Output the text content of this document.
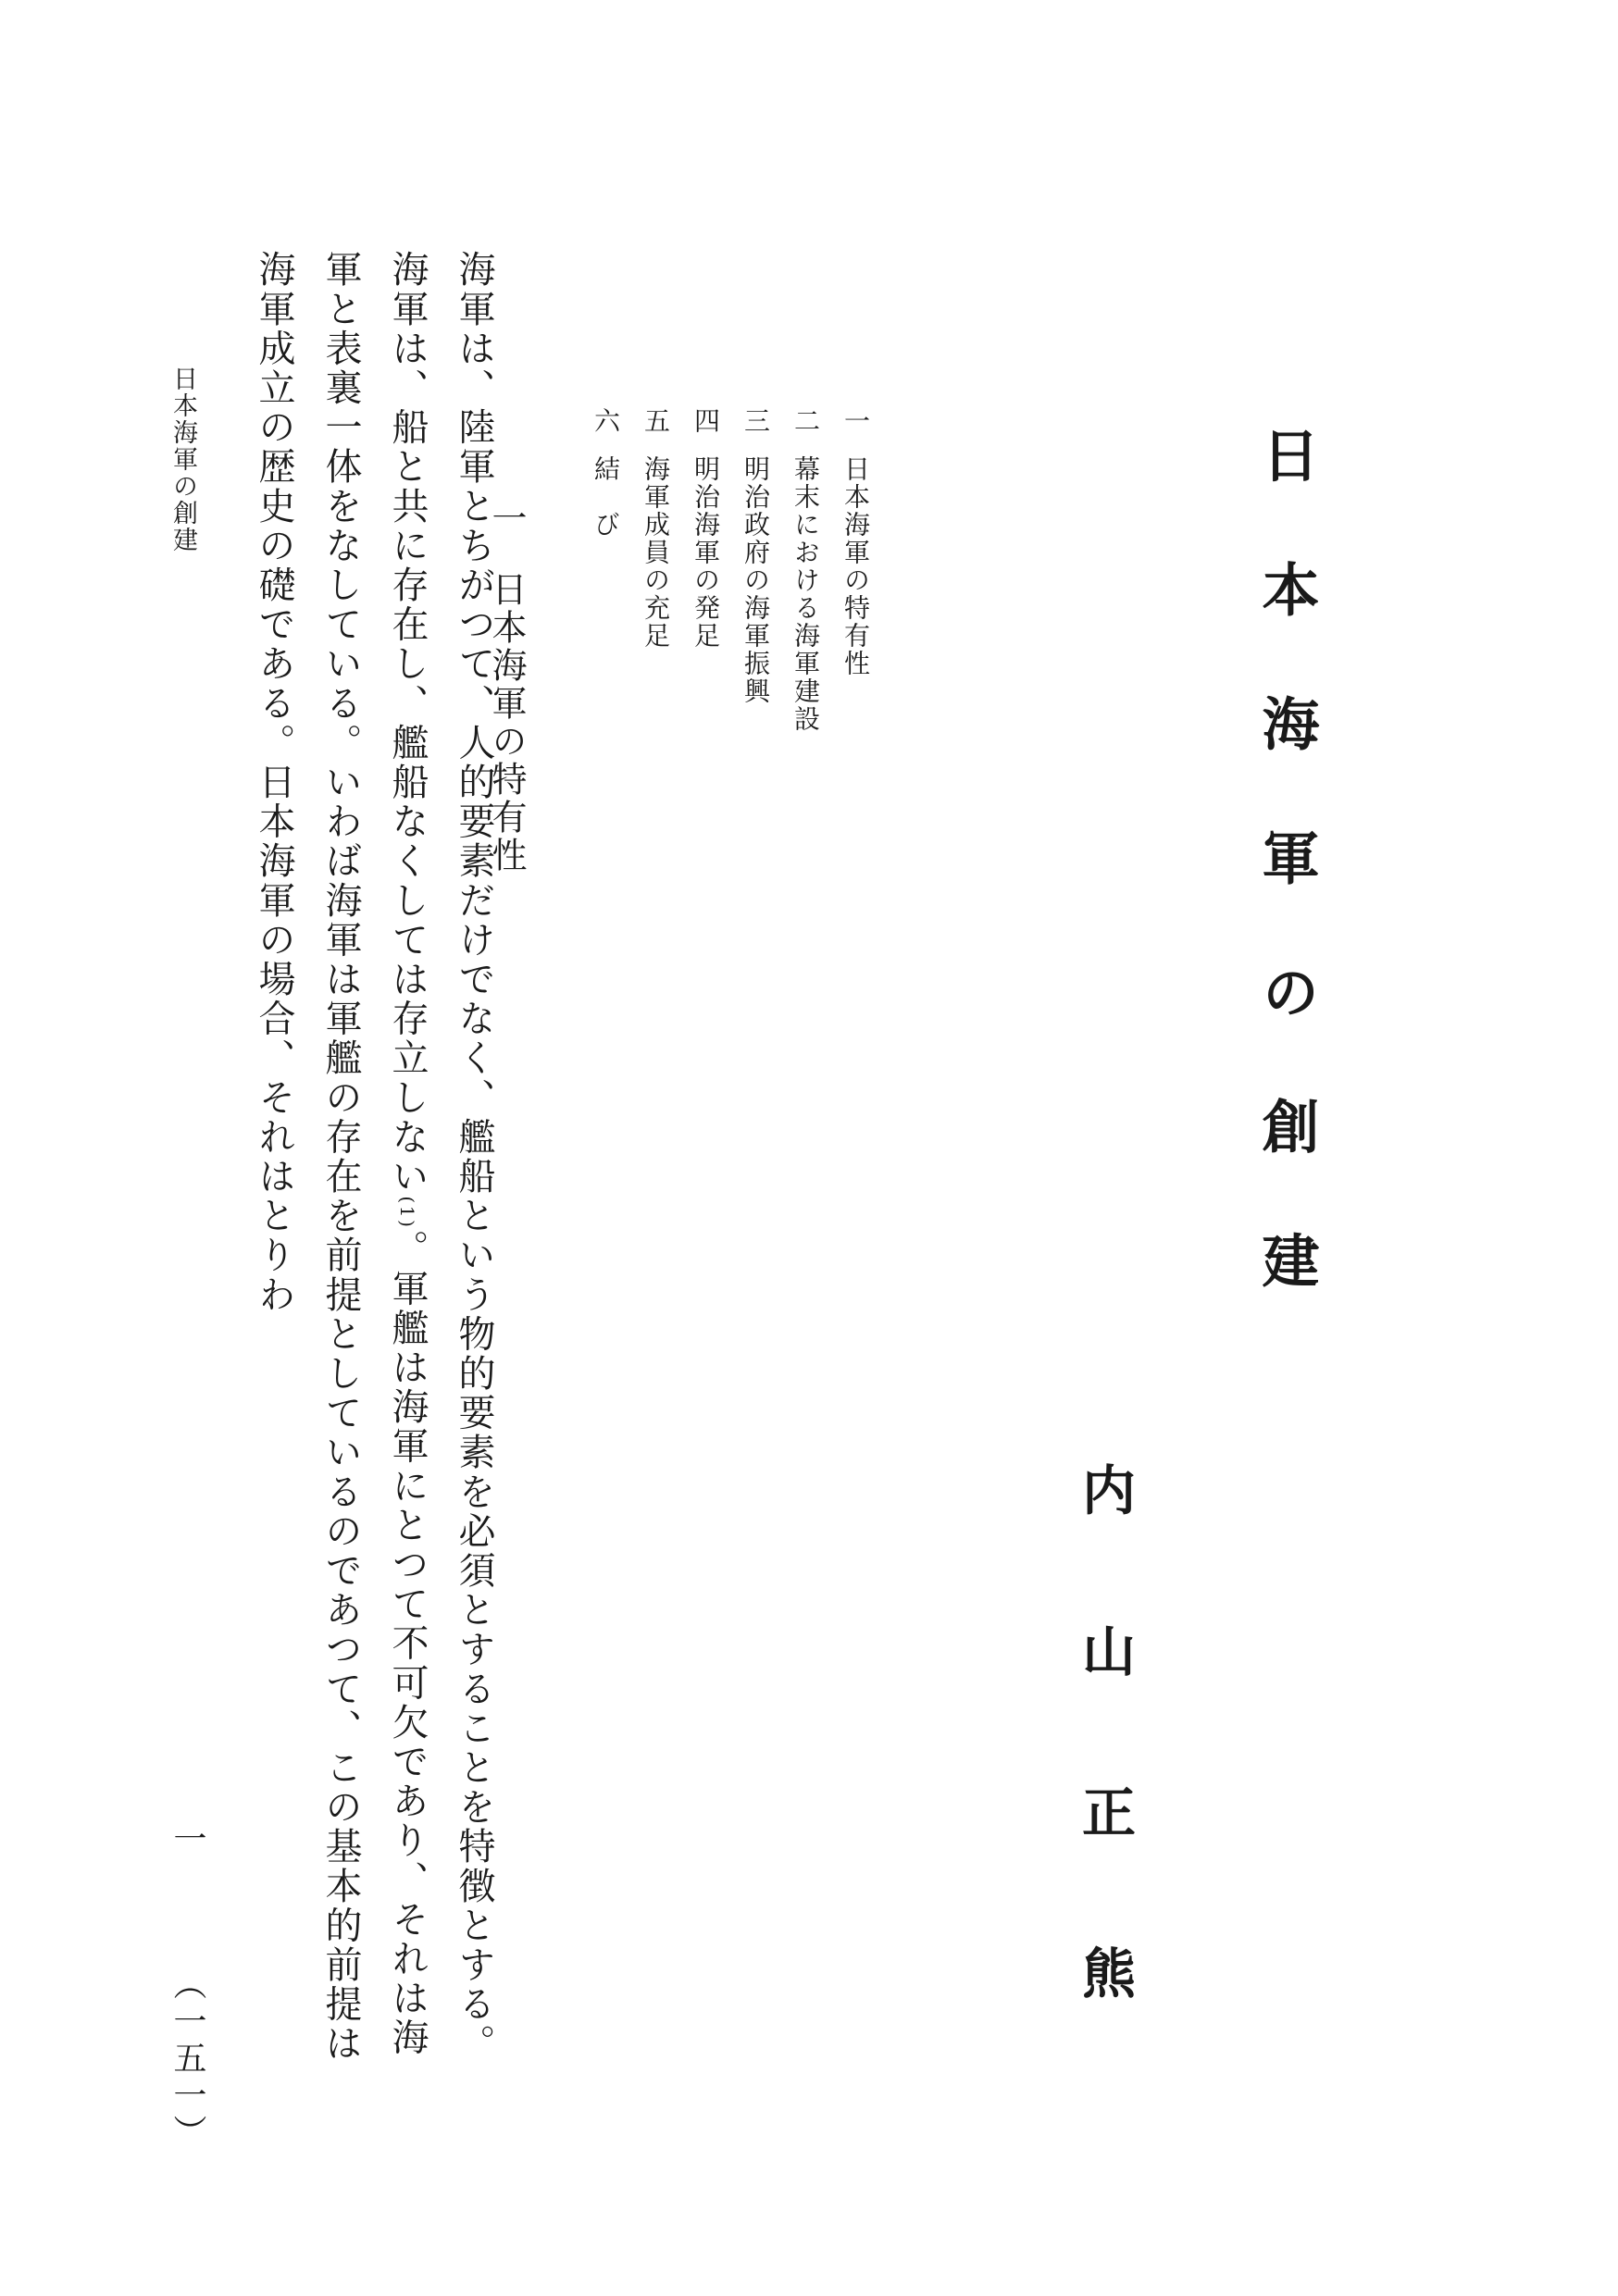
日本海軍の創建
内山正熊
一日本海軍の特有性
二幕末における海軍建設
三明治政府の海軍振興
四明治海軍の発足
五海軍成員の充足
六結　び
一日本海軍の特有性

海軍は、陸軍とちがつて、人的要素だけでなく、艦船という物的要素を必須とすることを特徴とする。海軍は、船と共に存在し、艦船なくしては存立しない(1)。軍艦は海軍にとつて不可欠であり、それは海軍と表裏一体をなしている。いわば海軍は軍艦の存在を前提としているのであつて、この基本的前提は海軍成立の歴史の礎である。日本海軍の場合、それはとりわ

日本海軍の創建
一
（一五一）
